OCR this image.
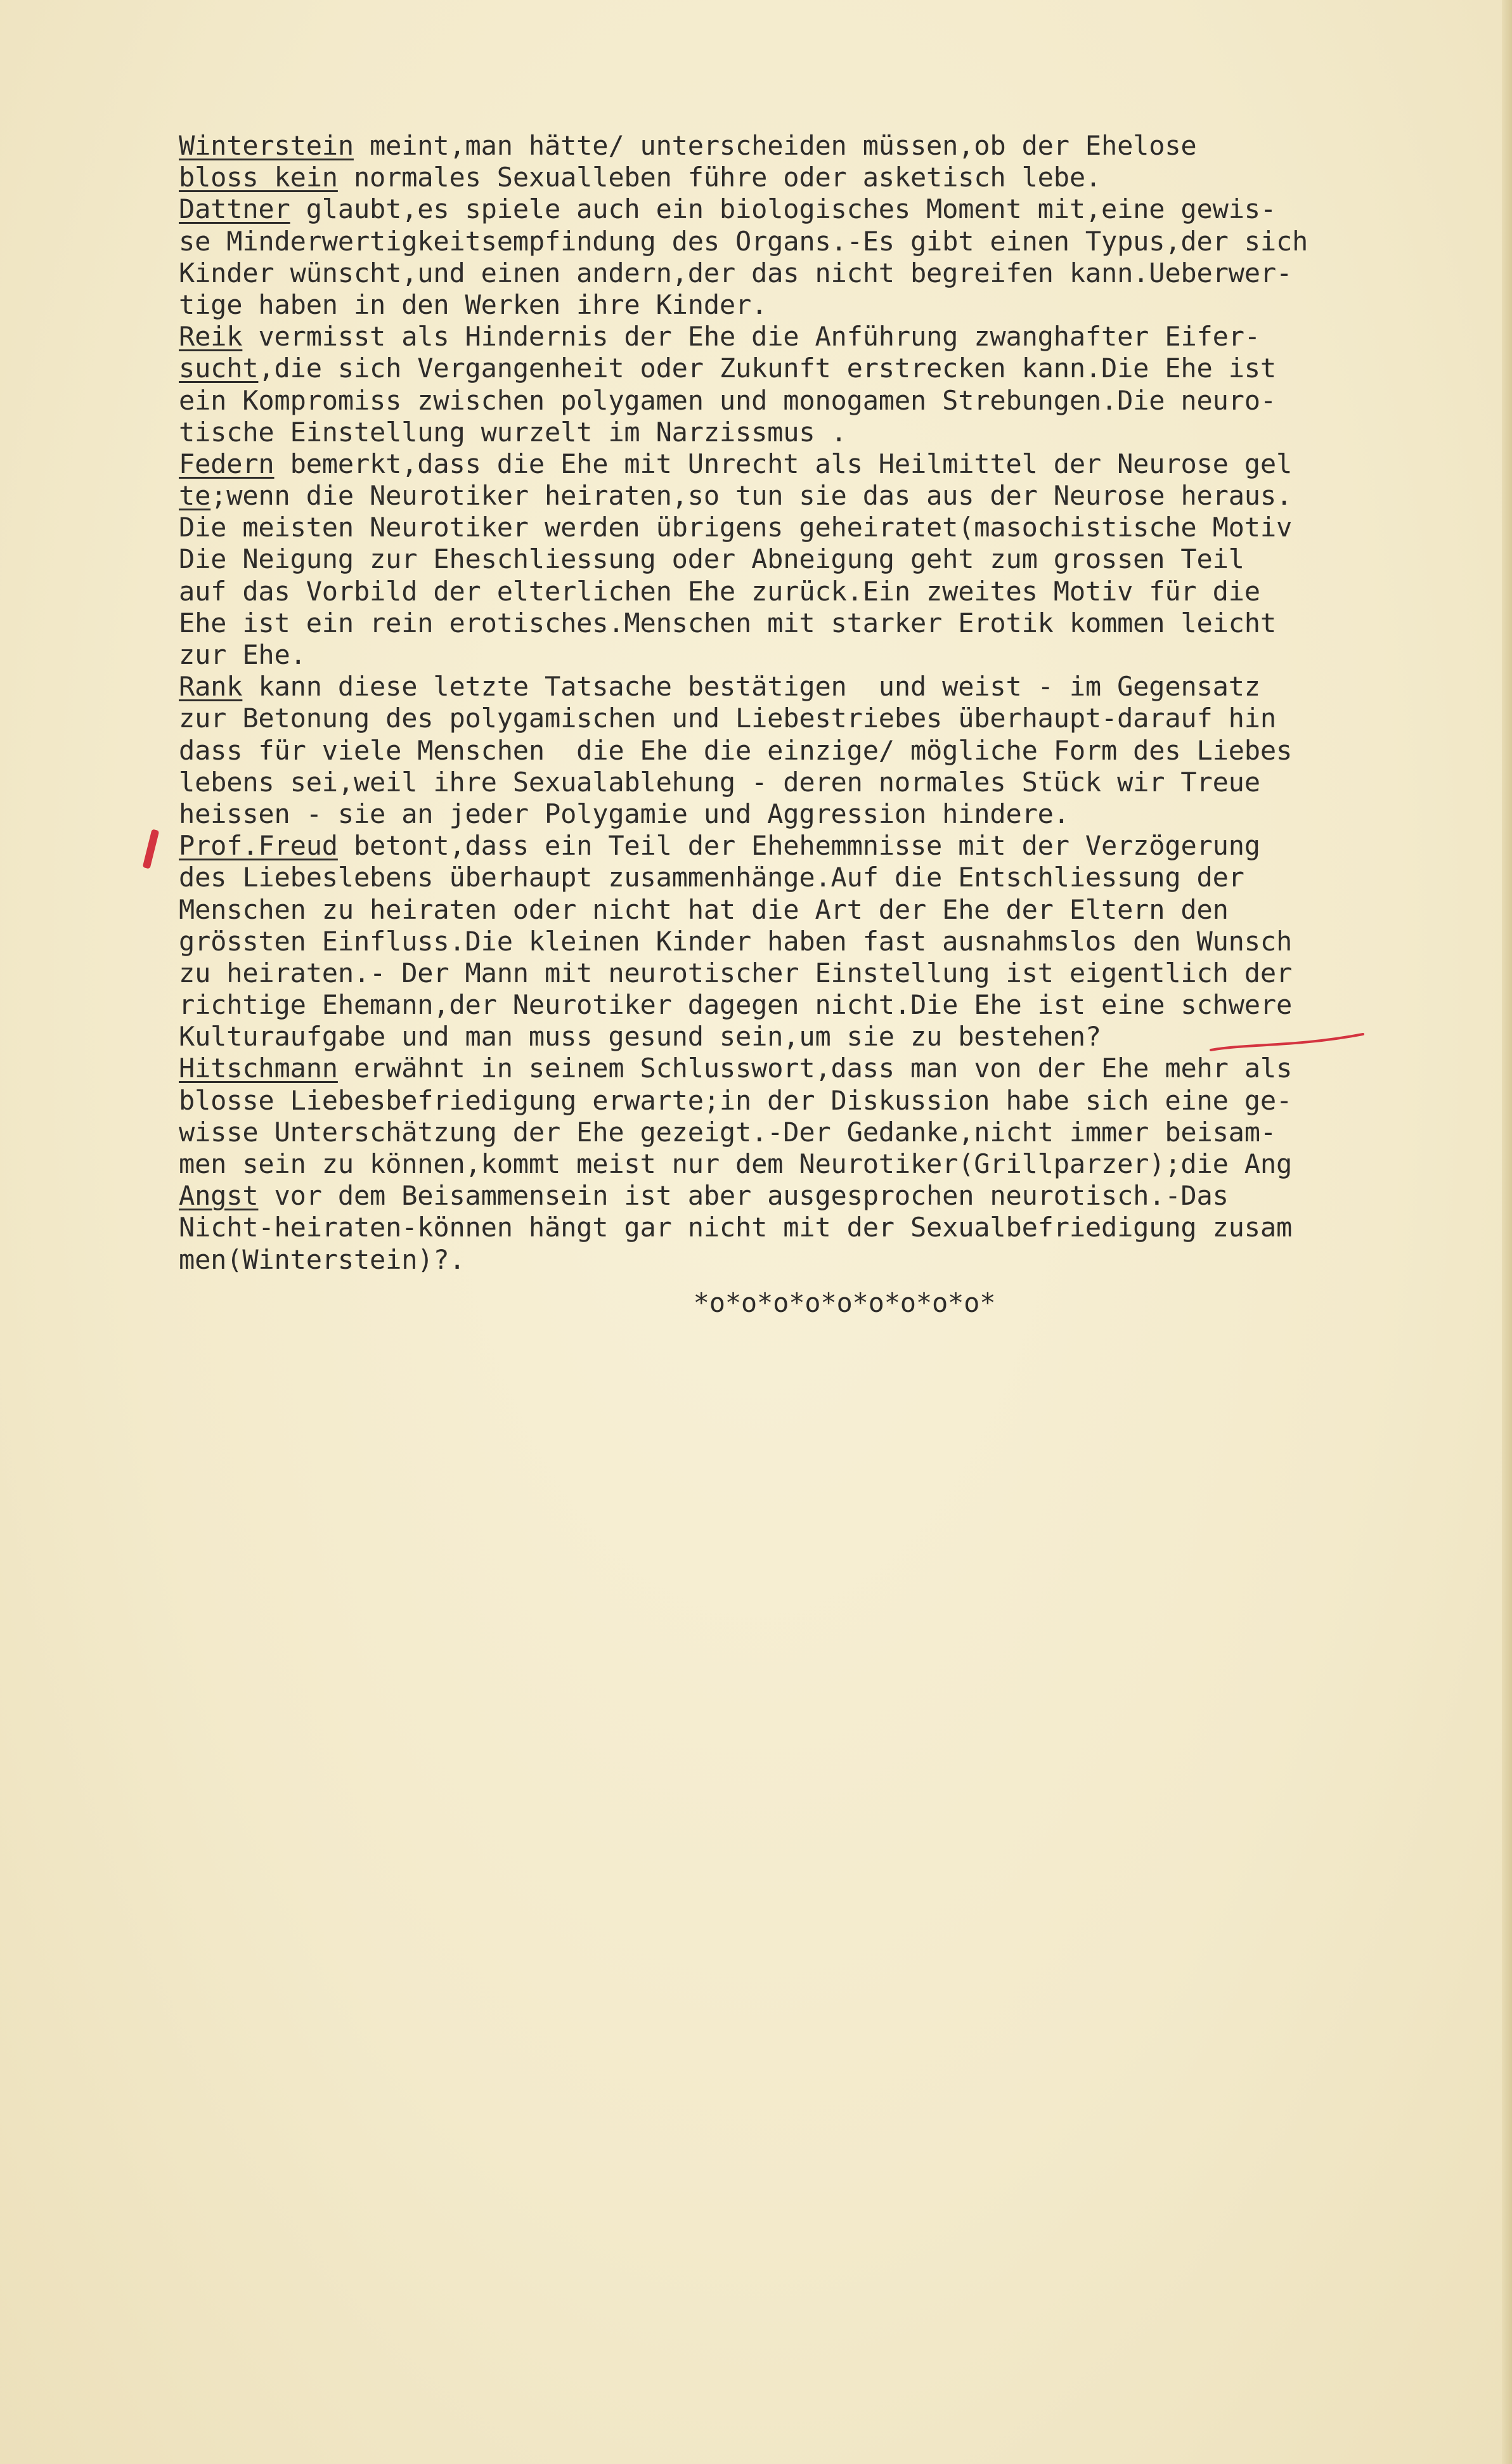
Winterstein meint,man hätte/ unterscheiden müssen,ob der Ehelose
bloss kein normales Sexualleben führe oder asketisch lebe.
Dattner glaubt,es spiele auch ein biologisches Moment mit,eine gewis-
se Minderwertigkeitsempfindung des Organs.-Es gibt einen Typus,der sich
Kinder wünscht,und einen andern,der das nicht begreifen kann.Ueberwer-
tige haben in den Werken ihre Kinder.
Reik vermisst als Hindernis der Ehe die Anführung zwanghafter Eifer-
sucht,die sich Vergangenheit oder Zukunft erstrecken kann.Die Ehe ist
ein Kompromiss zwischen polygamen und monogamen Strebungen.Die neuro-
tische Einstellung wurzelt im Narzissmus .
Federn bemerkt,dass die Ehe mit Unrecht als Heilmittel der Neurose gel
te;wenn die Neurotiker heiraten,so tun sie das aus der Neurose heraus.
Die meisten Neurotiker werden übrigens geheiratet(masochistische Motiv
Die Neigung zur Eheschliessung oder Abneigung geht zum grossen Teil
auf das Vorbild der elterlichen Ehe zurück.Ein zweites Motiv für die
Ehe ist ein rein erotisches.Menschen mit starker Erotik kommen leicht
zur Ehe.
Rank kann diese letzte Tatsache bestätigen  und weist - im Gegensatz
zur Betonung des polygamischen und Liebestriebes überhaupt-darauf hin
dass für viele Menschen  die Ehe die einzige/ mögliche Form des Liebes
lebens sei,weil ihre Sexualablehung - deren normales Stück wir Treue
heissen - sie an jeder Polygamie und Aggression hindere.
Prof.Freud betont,dass ein Teil der Ehehemmnisse mit der Verzögerung
des Liebeslebens überhaupt zusammenhänge.Auf die Entschliessung der
Menschen zu heiraten oder nicht hat die Art der Ehe der Eltern den
grössten Einfluss.Die kleinen Kinder haben fast ausnahmslos den Wunsch
zu heiraten.- Der Mann mit neurotischer Einstellung ist eigentlich der
richtige Ehemann,der Neurotiker dagegen nicht.Die Ehe ist eine schwere
Kulturaufgabe und man muss gesund sein,um sie zu bestehen?
Hitschmann erwähnt in seinem Schlusswort,dass man von der Ehe mehr als
blosse Liebesbefriedigung erwarte;in der Diskussion habe sich eine ge-
wisse Unterschätzung der Ehe gezeigt.-Der Gedanke,nicht immer beisam-
men sein zu können,kommt meist nur dem Neurotiker(Grillparzer);die Ang
Angst vor dem Beisammensein ist aber ausgesprochen neurotisch.-Das
Nicht-heiraten-können hängt gar nicht mit der Sexualbefriedigung zusam
men(Winterstein)?.
*o*o*o*o*o*o*o*o*o*
